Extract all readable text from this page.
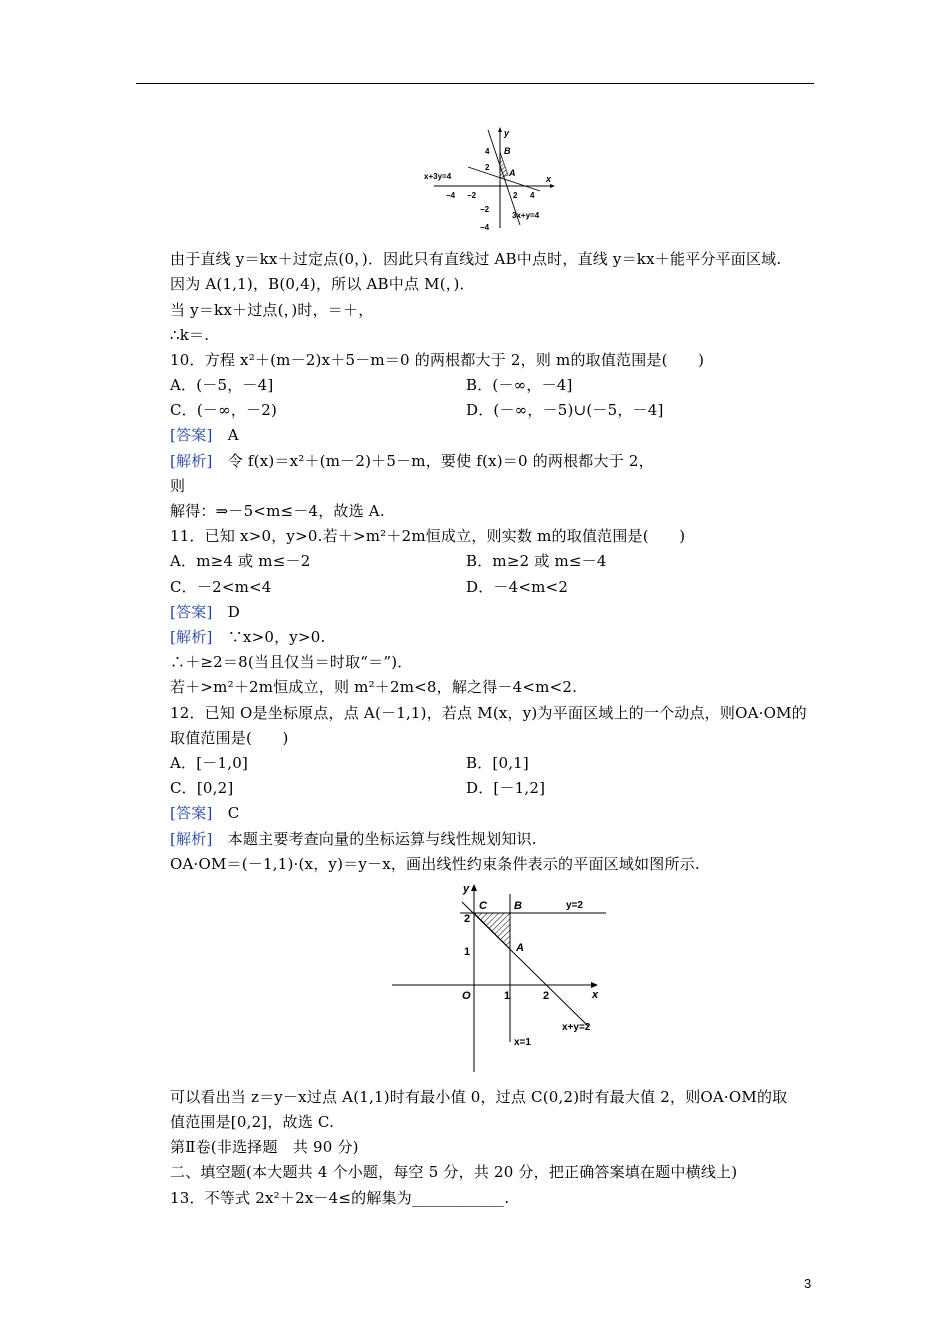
y
x
B
A
4
2
−2
−4
−4 −2	2 4
x+3y=4
3x+y=4
由于直线 y＝kx＋过定点(0，)．因此只有直线过 AB中点时，直线 y＝kx＋能平分平面区域.
因为 A(1,1)，B(0,4)，所以 AB中点 M(，)．
当 y＝kx＋过点(，)时，＝＋，
∴k＝.
10．方程 x²＋(m－2)x＋5－m＝0 的两根都大于 2，则 m的取值范围是(　　)
A．(－5，－4]	B．(－∞，－4]
C．(－∞，－2)	D．(－∞，－5)∪(－5，－4]
[答案]　 A
[解析]　 令 f(x)＝x²＋(m－2)＋5－m，要使 f(x)＝0 的两根都大于 2，
则
解得：⇒－5<m≤－4，故选 A.
11．已知 x>0，y>0.若＋>m²＋2m恒成立，则实数 m的取值范围是(　　)
A．m≥4 或 m≤－2	B．m≥2 或 m≤－4
C．－2<m<4	D．－4<m<2
[答案]　 D
[解析]　 ∵x>0，y>0.
∴＋≥2＝8(当且仅当＝时取“＝”)．
若＋>m²＋2m恒成立，则 m²＋2m<8，解之得－4<m<2.
12．已知 O是坐标原点，点 A(－1,1)，若点 M(x，y)为平面区域上的一个动点，则OA·OM的
取值范围是(　　)
A．[－1,0]	B．[0,1]
C．[0,2]	D．[－1,2]
[答案]　 C
[解析]　 本题主要考查向量的坐标运算与线性规划知识.
OA·OM＝(－1,1)·(x，y)＝y－x，画出线性约束条件表示的平面区域如图所示.
y
x
C B
A
O
2
1
1	2
y=2
x+y=2
x=1
可以看出当 z＝y－x过点 A(1,1)时有最小值 0，过点 C(0,2)时有最大值 2，则OA·OM的取
值范围是[0,2]，故选 C.
第Ⅱ卷(非选择题　共 90 分)
二、填空题(本大题共 4 个小题，每空 5 分，共 20 分，把正确答案填在题中横线上)
13．不等式 2x²＋2x－4≤的解集为____________.
3
